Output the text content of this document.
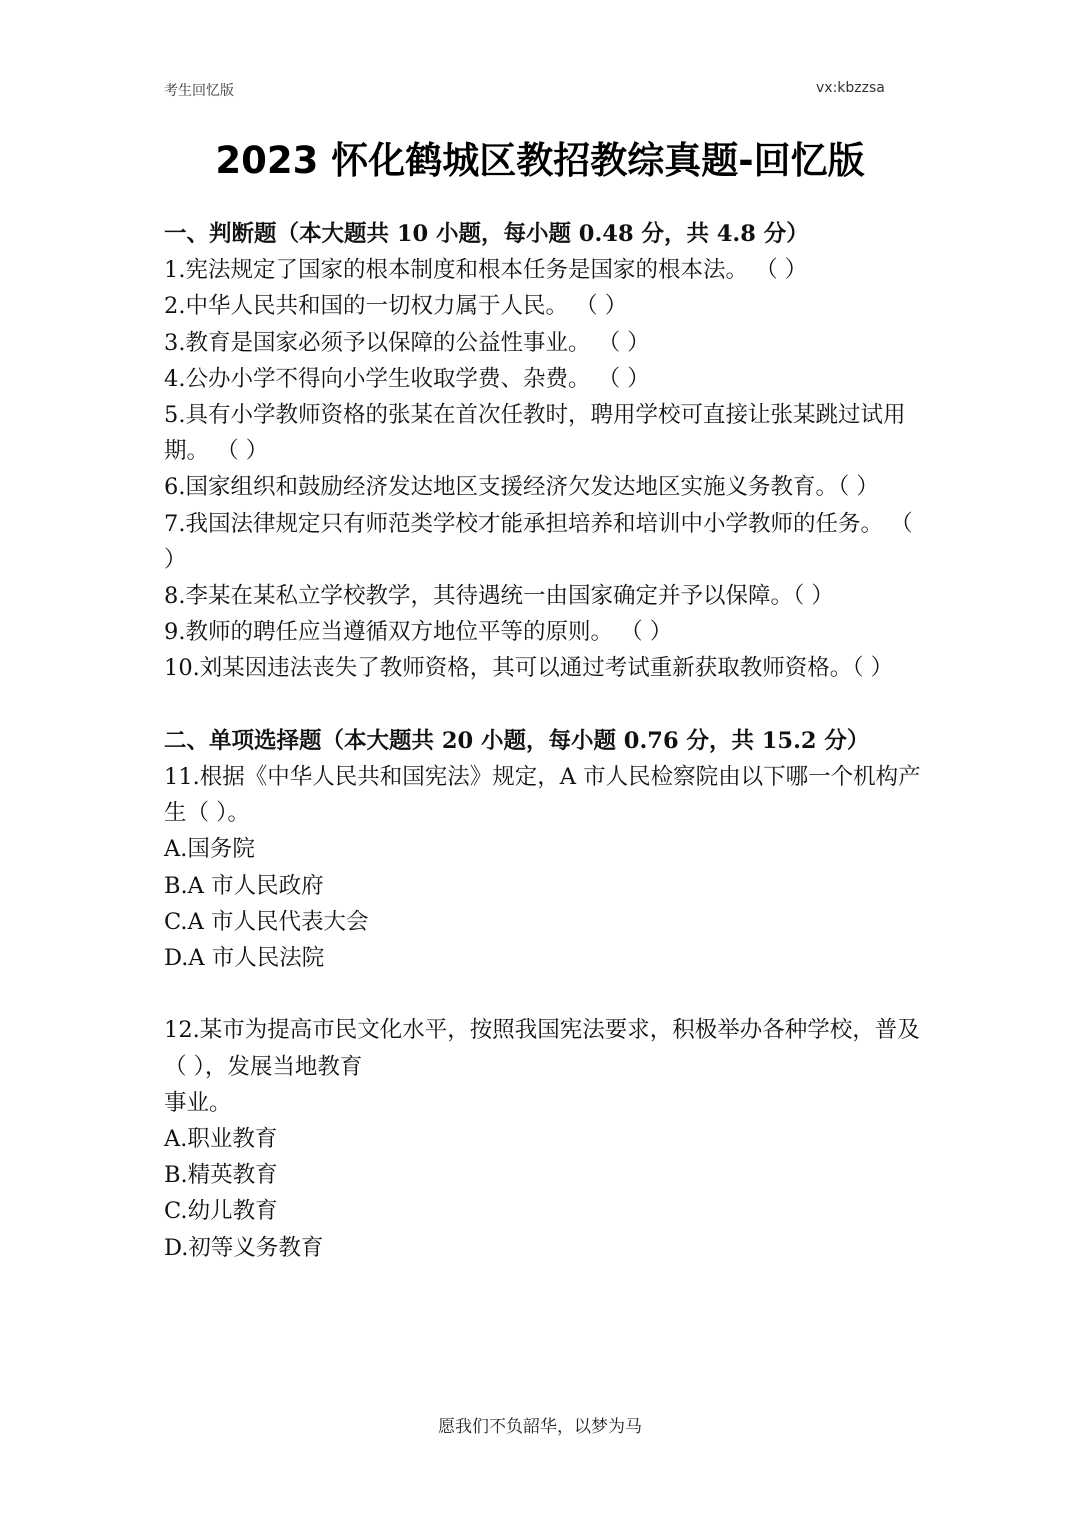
考生回忆版	vx:kbzzsa
2023 怀化鹤城区教招教综真题-回忆版
一、判断题（本大题共 10 小题，每小题 0.48 分，共 4.8 分）
1.宪法规定了国家的根本制度和根本任务是国家的根本法。 （ ）
2.中华人民共和国的一切权力属于人民。 （ ）
3.教育是国家必须予以保障的公益性事业。 （ ）
4.公办小学不得向小学生收取学费、杂费。 （ ）
5.具有小学教师资格的张某在首次任教时，聘用学校可直接让张某跳过试用期。 （ ）
6.国家组织和鼓励经济发达地区支援经济欠发达地区实施义务教育。（ ）
7.我国法律规定只有师范类学校才能承担培养和培训中小学教师的任务。 （ ）
8.李某在某私立学校教学，其待遇统一由国家确定并予以保障。（ ）
9.教师的聘任应当遵循双方地位平等的原则。 （ ）
10.刘某因违法丧失了教师资格，其可以通过考试重新获取教师资格。（ ）
二、单项选择题（本大题共 20 小题，每小题 0.76 分，共 15.2 分）
11.根据《中华人民共和国宪法》规定，A 市人民检察院由以下哪一个机构产生（ ）。
A.国务院
B.A 市人民政府
C.A 市人民代表大会
D.A 市人民法院
12.某市为提高市民文化水平，按照我国宪法要求，积极举办各种学校，普及（ ），发展当地教育
事业。
A.职业教育
B.精英教育
C.幼儿教育
D.初等义务教育
愿我们不负韶华，以梦为马
